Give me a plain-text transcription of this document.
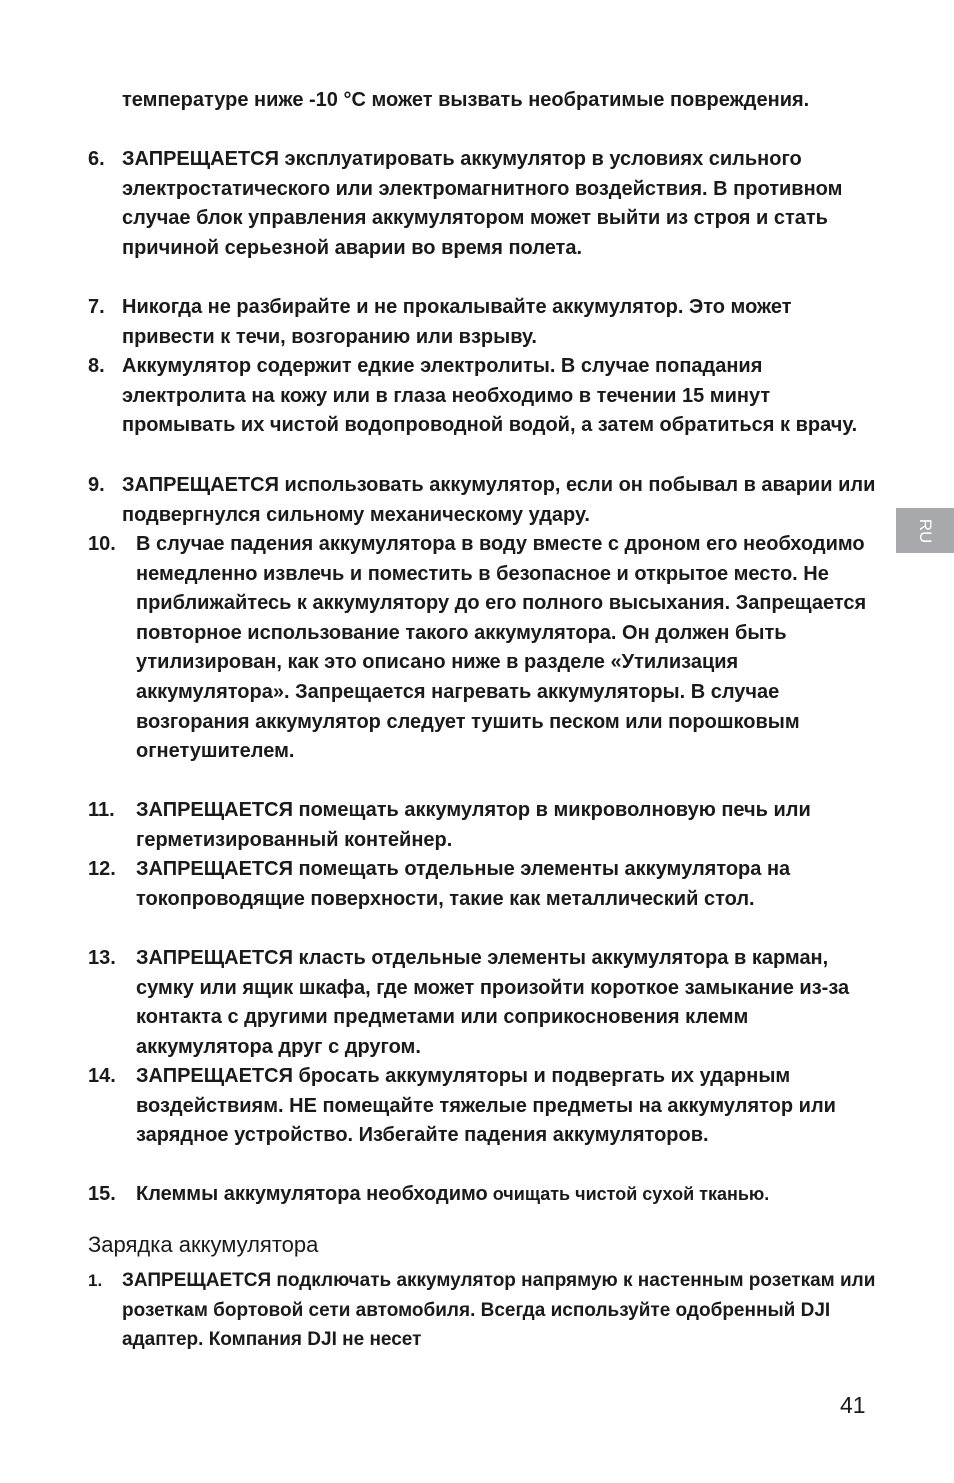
температуре ниже -10 °C может вызвать необратимые повреждения.
6. ЗАПРЕЩАЕТСЯ эксплуатировать аккумулятор в условиях сильного электростатического или электромагнитного воздействия. В противном случае блок управления аккумулятором может выйти из строя и стать причиной серьезной аварии во время полета.
7. Никогда не разбирайте и не прокалывайте аккумулятор. Это может привести к течи, возгоранию или взрыву.
8. Аккумулятор содержит едкие электролиты. В случае попадания электролита на кожу или в глаза необходимо в течении 15 минут промывать их чистой водопроводной водой, а затем обратиться к врачу.
9. ЗАПРЕЩАЕТСЯ использовать аккумулятор, если он побывал в аварии или подвергнулся сильному механическому удару.
10.	В случае падения аккумулятора в воду вместе с дроном его необходимо немедленно извлечь и поместить в безопасное и открытое место. Не приближайтесь к аккумулятору до его полного высыхания. Запрещается повторное использование такого аккумулятора. Он должен быть утилизирован, как это описано ниже в разделе «Утилизация аккумулятора». Запрещается нагревать аккумуляторы. В случае возгорания аккумулятор следует тушить песком или порошковым огнетушителем.
11.	ЗАПРЕЩАЕТСЯ помещать аккумулятор в микроволновую печь или герметизированный контейнер.
12.	ЗАПРЕЩАЕТСЯ помещать отдельные элементы аккумулятора на токопроводящие поверхности, такие как металлический стол.
13.	ЗАПРЕЩАЕТСЯ класть отдельные элементы аккумулятора в карман, сумку или ящик шкафа, где может произойти короткое замыкание из-за контакта с другими предметами или соприкосновения клемм аккумулятора друг с другом.
14.	ЗАПРЕЩАЕТСЯ бросать аккумуляторы и подвергать их ударным воздействиям. НЕ помещайте тяжелые предметы на аккумулятор или зарядное устройство. Избегайте падения аккумуляторов.
15.	Клеммы аккумулятора необходимо очищать чистой сухой тканью.
Зарядка аккумулятора
1.	ЗАПРЕЩАЕТСЯ подключать аккумулятор напрямую к настенным розеткам или розеткам бортовой сети автомобиля. Всегда используйте одобренный DJI адаптер. Компания DJI не несет
RU
41
